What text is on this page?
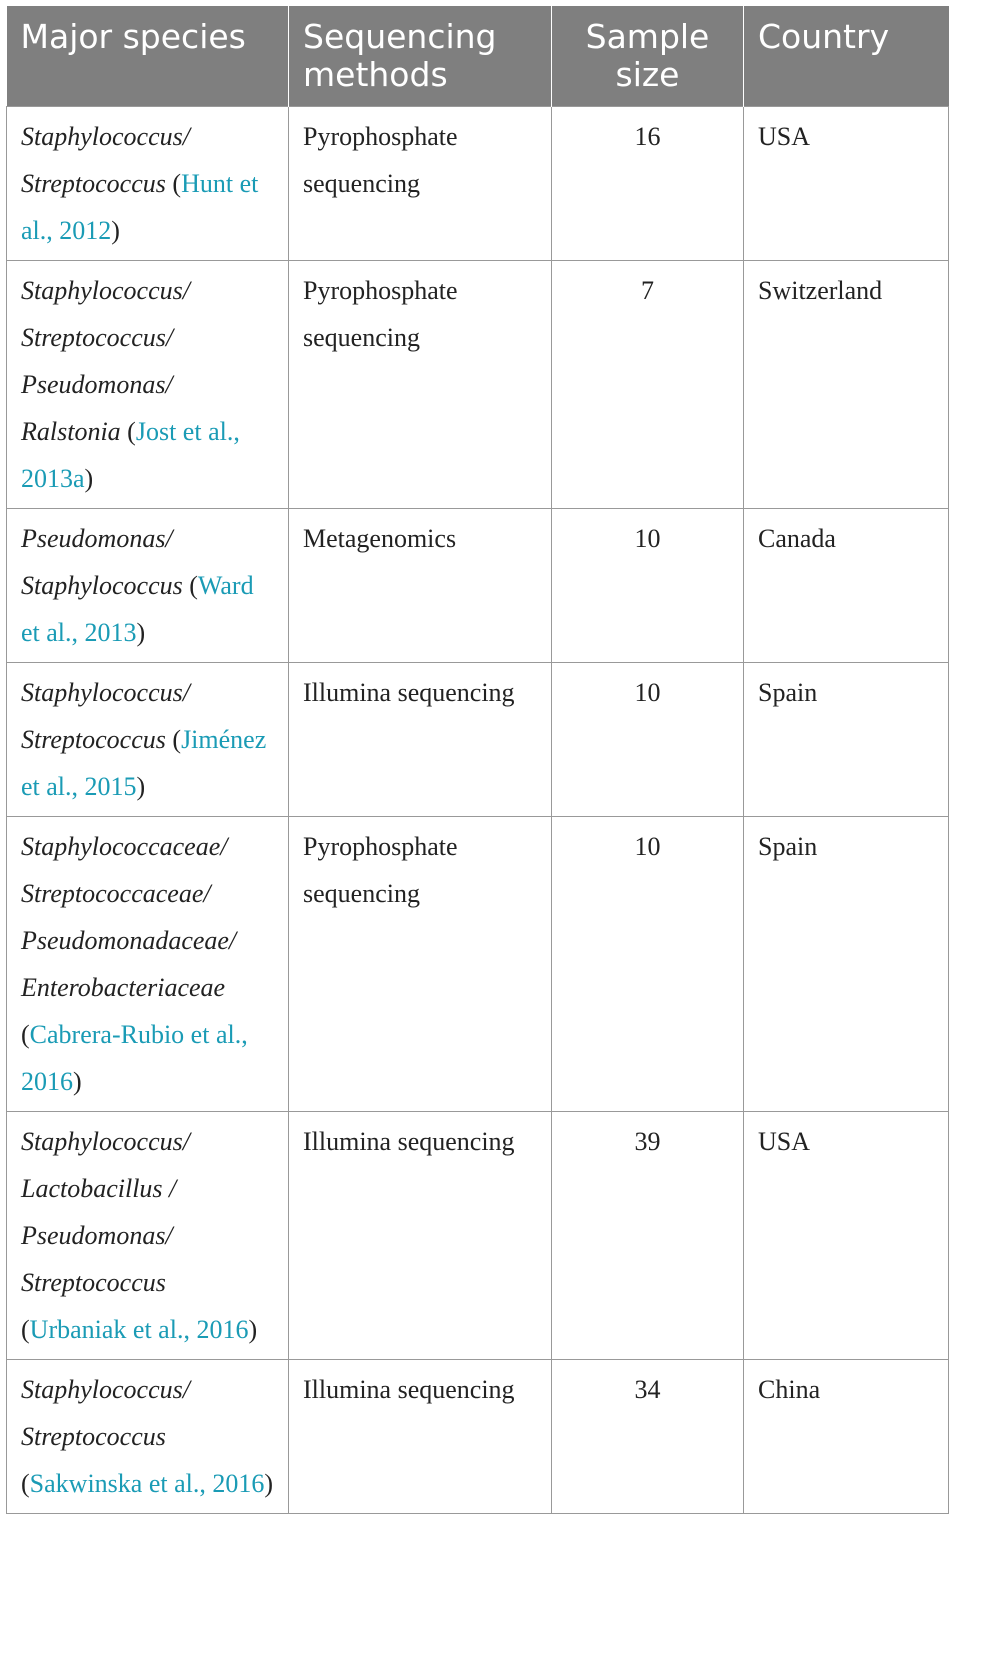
Major species	Sequencing methods	Sample size	Country
Staphylococcus/ Streptococcus (Hunt et al., 2012)	Pyrophosphate sequencing	16	USA
Staphylococcus/ Streptococcus/ Pseudomonas/ Ralstonia (Jost et al., 2013a)	Pyrophosphate sequencing	7	Switzerland
Pseudomonas/ Staphylococcus (Ward et al., 2013)	Metagenomics	10	Canada
Staphylococcus/ Streptococcus (Jiménez et al., 2015)	Illumina sequencing	10	Spain
Staphylococcaceae/ Streptococcaceae/ Pseudomonadaceae/ Enterobacteriaceae (Cabrera-Rubio et al., 2016)	Pyrophosphate sequencing	10	Spain
Staphylococcus/ Lactobacillus / Pseudomonas/ Streptococcus (Urbaniak et al., 2016)	Illumina sequencing	39	USA
Staphylococcus/ Streptococcus (Sakwinska et al., 2016)	Illumina sequencing	34	China
